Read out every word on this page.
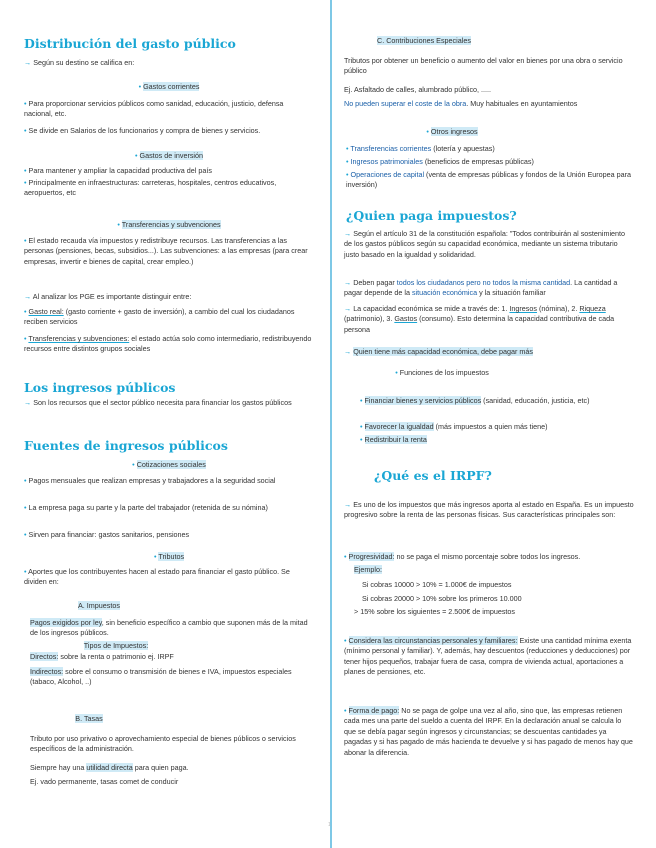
Distribución del gasto público
→ Según su destino se califica en:
• Gastos corrientes
• Para proporcionar servicios públicos como sanidad, educación, justicio, defensa nacional, etc.
• Se divide en Salarios de los funcionarios y compra de bienes y servicios.
• Gastos de inversión
• Para mantener y ampliar la capacidad productiva del país
• Principalmente en infraestructuras: carreteras, hospitales, centros educativos, aeropuertos, etc
• Transferencias y subvenciones
• El estado recauda vía impuestos y redistribuye recursos. Las transferencias a las personas (pensiones, becas, subsidios...). Las subvenciones: a las empresas (para crear empresas, invertir e bienes de capital, crear empleo.)
→ Al analizar los PGE es importante distinguir entre:
• Gasto real: (gasto corriente + gasto de inversión), a cambio del cual los ciudadanos reciben servicios
• Transferencias y subvenciones: el estado actúa solo como intermediario, redistribuyendo recursos entre distintos grupos sociales
Los ingresos públicos
→ Son los recursos que el sector público necesita para financiar los gastos públicos
Fuentes de ingresos públicos
• Cotizaciones sociales
• Pagos mensuales que realizan empresas y trabajadores a la seguridad social
• La empresa paga su parte y la parte del trabajador (retenida de su nómina)
• Sirven para financiar: gastos sanitarios, pensiones
• Tributos
• Aportes que los contribuyentes hacen al estado para financiar el gasto público. Se dividen en:
A. Impuestos
Pagos exigidos por ley, sin beneficio específico a cambio que suponen más de la mitad de los ingresos públicos.
Tipos de Impuestos:
Directos: sobre la renta o patrimonio ej. IRPF
Indirectos: sobre el consumo o transmisión de bienes e IVA, impuestos especiales (tabaco, Alcohol, ..)
B. Tasas
Tributo por uso privativo o aprovechamiento especial de bienes públicos o servicios específicos de la administración.
Siempre hay una utilidad directa para quien paga.
Ej. vado permanente, tasas comet de conducir
C. Contribuciones Especiales
Tributos por obtener un beneficio o aumento del valor en bienes por una obra o servicio público
Ej. Asfaltado de calles, alumbrado público, .....
No pueden superar el coste de la obra. Muy habituales en ayuntamientos
• Otros ingresos
• Transferencias corrientes (lotería y apuestas)
• Ingresos patrimoniales (beneficios de empresas públicas)
• Operaciones de capital (venta de empresas públicas y fondos de la Unión Europea para inversión)
¿Quien paga impuestos?
→ Según el artículo 31 de la constitución española: "Todos contribuirán al sostenimiento de los gastos públicos según su capacidad económica, mediante un sistema tributario justo basado en la igualdad y solidaridad.
→ Deben pagar todos los ciudadanos pero no todos la misma cantidad. La cantidad a pagar depende de la situación económica y la situación familiar
→ La capacidad económica se mide a través de: 1. Ingresos (nómina), 2. Riqueza (patrimonio), 3. Gastos (consumo). Esto determina la capacidad contributiva de cada persona
→ Quien tiene más capacidad económica, debe pagar más
• Funciones de los impuestos
• Financiar bienes y servicios públicos (sanidad, educación, justicia, etc)
• Favorecer la igualdad (más impuestos a quien más tiene)
• Redistribuir la renta
¿Qué es el IRPF?
→ Es uno de los impuestos que más ingresos aporta al estado en España. Es un impuesto progresivo sobre la renta de las personas físicas. Sus características principales son:
• Progresividad: no se paga el mismo porcentaje sobre todos los ingresos.
Ejemplo:
Si cobras 10000 > 10% = 1.000€ de impuestos
Si cobras 20000 > 10% sobre los primeros 10.000
> 15% sobre los siguientes = 2.500€ de impuestos
• Considera las circunstancias personales y familiares: Existe una cantidad mínima exenta (mínimo personal y familiar). Y, además, hay descuentos (reducciones y deducciones) por tener hijos pequeños, trabajar fuera de casa, compra de vivienda actual, aportaciones a planes de pensiones, etc.
• Forma de pago: No se paga de golpe una vez al año, sino que, las empresas retienen cada mes una parte del sueldo a cuenta del IRPF. En la declaración anual se calcula lo que se debía pagar según ingresos y circunstancias; se descuentas cantidades ya pagadas y si has pagado de más hacienda te devuelve y si has pagado de menos hay que abonar la diferencia.
1
